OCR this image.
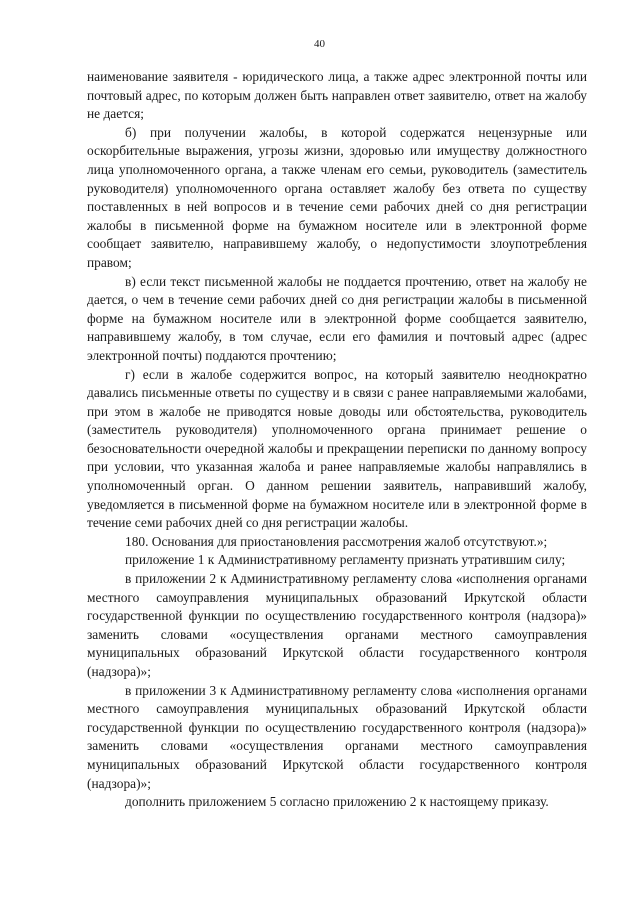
40

наименование заявителя - юридического лица, а также адрес электронной почты или почтовый адрес, по которым должен быть направлен ответ заявителю, ответ на жалобу не дается;

б) при получении жалобы, в которой содержатся нецензурные или оскорбительные выражения, угрозы жизни, здоровью или имуществу должностного лица уполномоченного органа, а также членам его семьи, руководитель (заместитель руководителя) уполномоченного органа оставляет жалобу без ответа по существу поставленных в ней вопросов и в течение семи рабочих дней со дня регистрации жалобы в письменной форме на бумажном носителе или в электронной форме сообщает заявителю, направившему жалобу, о недопустимости злоупотребления правом;

в) если текст письменной жалобы не поддается прочтению, ответ на жалобу не дается, о чем в течение семи рабочих дней со дня регистрации жалобы в письменной форме на бумажном носителе или в электронной форме сообщается заявителю, направившему жалобу, в том случае, если его фамилия и почтовый адрес (адрес электронной почты) поддаются прочтению;

г) если в жалобе содержится вопрос, на который заявителю неоднократно давались письменные ответы по существу и в связи с ранее направляемыми жалобами, при этом в жалобе не приводятся новые доводы или обстоятельства, руководитель (заместитель руководителя) уполномоченного органа принимает решение о безосновательности очередной жалобы и прекращении переписки по данному вопросу при условии, что указанная жалоба и ранее направляемые жалобы направлялись в уполномоченный орган. О данном решении заявитель, направивший жалобу, уведомляется в письменной форме на бумажном носителе или в электронной форме в течение семи рабочих дней со дня регистрации жалобы.

180. Основания для приостановления рассмотрения жалоб отсутствуют.»;

приложение 1 к Административному регламенту признать утратившим силу;

в приложении 2 к Административному регламенту слова «исполнения органами местного самоуправления муниципальных образований Иркутской области государственной функции по осуществлению государственного контроля (надзора)» заменить словами «осуществления органами местного самоуправления муниципальных образований Иркутской области государственного контроля (надзора)»;

в приложении 3 к Административному регламенту слова «исполнения органами местного самоуправления муниципальных образований Иркутской области государственной функции по осуществлению государственного контроля (надзора)» заменить словами «осуществления органами местного самоуправления муниципальных образований Иркутской области государственного контроля (надзора)»;

дополнить приложением 5 согласно приложению 2 к настоящему приказу.
